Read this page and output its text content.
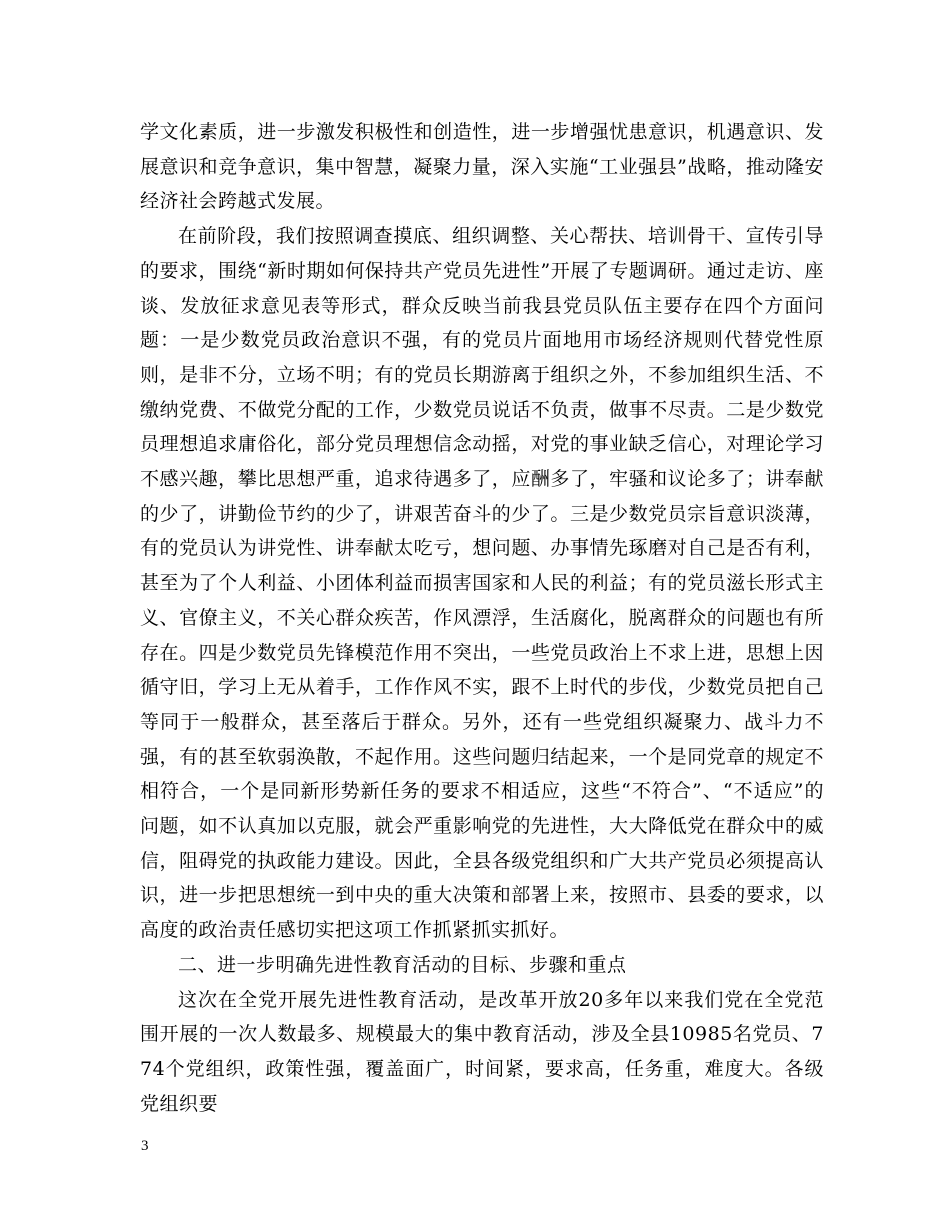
学文化素质，进一步激发积极性和创造性，进一步增强忧患意识，机遇意识、发展意识和竞争意识，集中智慧，凝聚力量，深入实施“工业强县”战略，推动隆安经济社会跨越式发展。

在前阶段，我们按照调查摸底、组织调整、关心帮扶、培训骨干、宣传引导的要求，围绕“新时期如何保持共产党员先进性”开展了专题调研。通过走访、座谈、发放征求意见表等形式，群众反映当前我县党员队伍主要存在四个方面问题：一是少数党员政治意识不强，有的党员片面地用市场经济规则代替党性原则，是非不分，立场不明；有的党员长期游离于组织之外，不参加组织生活、不缴纳党费、不做党分配的工作，少数党员说话不负责，做事不尽责。二是少数党员理想追求庸俗化，部分党员理想信念动摇，对党的事业缺乏信心，对理论学习不感兴趣，攀比思想严重，追求待遇多了，应酬多了，牢骚和议论多了；讲奉献的少了，讲勤俭节约的少了，讲艰苦奋斗的少了。三是少数党员宗旨意识淡薄，有的党员认为讲党性、讲奉献太吃亏，想问题、办事情先琢磨对自己是否有利，甚至为了个人利益、小团体利益而损害国家和人民的利益；有的党员滋长形式主义、官僚主义，不关心群众疾苦，作风漂浮，生活腐化，脱离群众的问题也有所存在。四是少数党员先锋模范作用不突出，一些党员政治上不求上进，思想上因循守旧，学习上无从着手，工作作风不实，跟不上时代的步伐，少数党员把自己等同于一般群众，甚至落后于群众。另外，还有一些党组织凝聚力、战斗力不强，有的甚至软弱涣散，不起作用。这些问题归结起来，一个是同党章的规定不相符合，一个是同新形势新任务的要求不相适应，这些“不符合”、“不适应”的问题，如不认真加以克服，就会严重影响党的先进性，大大降低党在群众中的威信，阻碍党的执政能力建设。因此，全县各级党组织和广大共产党员必须提高认识，进一步把思想统一到中央的重大决策和部署上来，按照市、县委的要求，以高度的政治责任感切实把这项工作抓紧抓实抓好。

二、进一步明确先进性教育活动的目标、步骤和重点

这次在全党开展先进性教育活动，是改革开放20多年以来我们党在全党范围开展的一次人数最多、规模最大的集中教育活动，涉及全县10985名党员、774个党组织，政策性强，覆盖面广，时间紧，要求高，任务重，难度大。各级党组织要

3
